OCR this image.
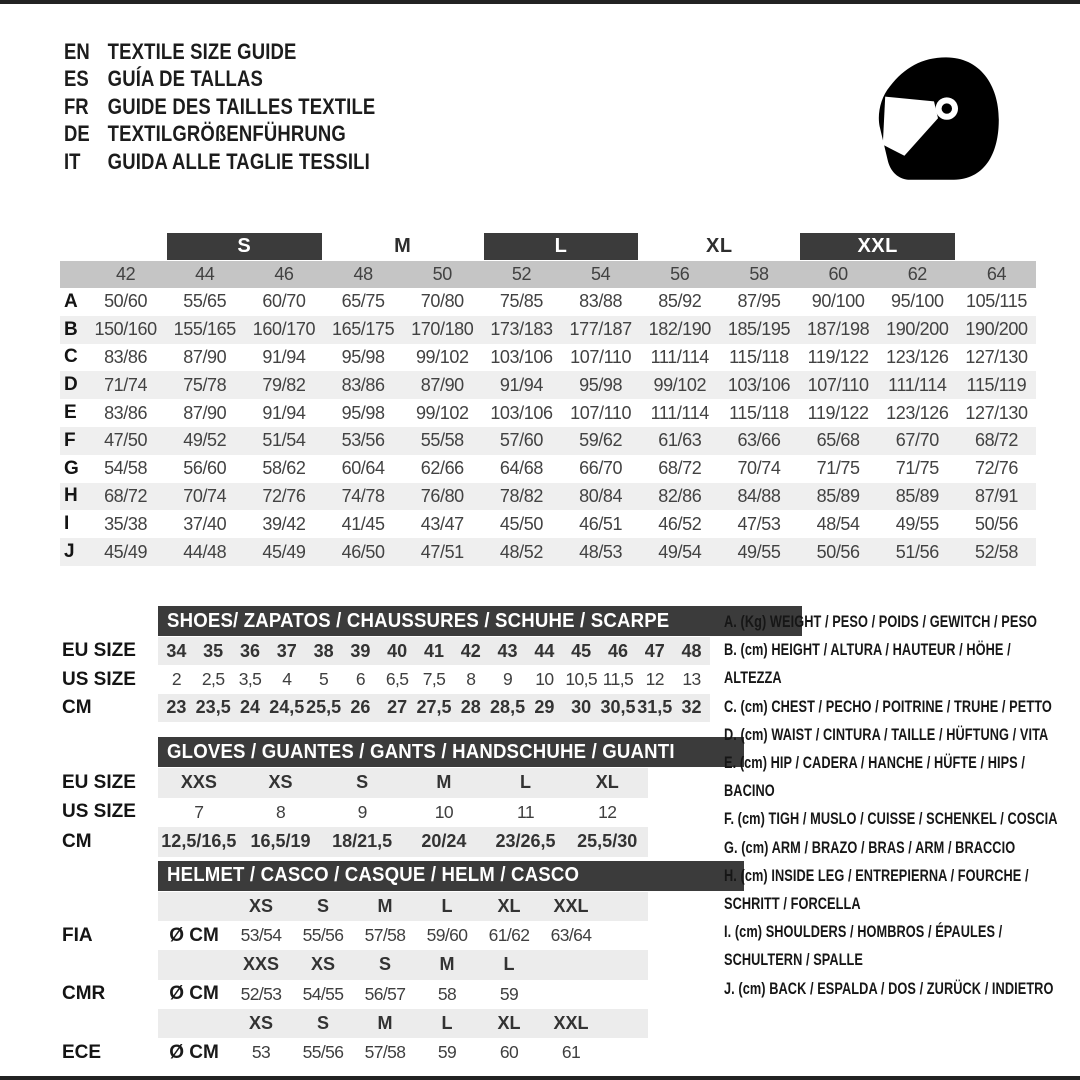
EN TEXTILE SIZE GUIDE
ES GUÍA DE TALLAS
FR GUIDE DES TAILLES TEXTILE
DE TEXTILGRÖßENFÜHRUNG
IT	GUIDA ALLE TAGLIE TESSILI
S	M	L	XL	XXL
42	44	46	48	50	52	54	56	58	60	62	64
A	50/60	55/65	60/70	65/75	70/80	75/85	83/88	85/92	87/95	90/100	95/100	105/115
B 150/160 155/165 160/170 165/175 170/180 173/183 177/187 182/190 185/195 187/198 190/200 190/200
C	83/86	87/90	91/94	95/98	99/102	103/106 107/110	111/114	115/118	119/122 123/126 127/130
D	71/74	75/78	79/82	83/86	87/90	91/94	95/98	99/102	103/106 107/110	111/114	115/119
E	83/86	87/90	91/94	95/98	99/102	103/106 107/110	111/114	115/118	119/122 123/126 127/130
F	47/50	49/52	51/54	53/56	55/58	57/60	59/62	61/63	63/66	65/68	67/70	68/72
G	54/58	56/60	58/62	60/64	62/66	64/68	66/70	68/72	70/74	71/75	71/75	72/76
H	68/72	70/74	72/76	74/78	76/80	78/82	80/84	82/86	84/88	85/89	85/89	87/91
I	35/38	37/40	39/42	41/45	43/47	45/50	46/51	46/52	47/53	48/54	49/55	50/56
J	45/49	44/48	45/49	46/50	47/51	48/52	48/53	49/54	49/55	50/56	51/56	52/58
SHOES/ ZAPATOS / CHAUSSURES / SCHUHE / SCARPE
EU SIZE	34 35 36 37 38 39 40 41 42 43 44 45 46 47 48
US SIZE	2	2,5 3,5	4	5	6	6,5 7,5	8	9	10 10,5 11,5 12	13
CM	23 23,5 24 24,5 25,5 26 27 27,5 28 28,5 29 30 30,5 31,5 32
GLOVES / GUANTES / GANTS / HANDSCHUHE / GUANTI
EU SIZE	XXS	XS	S	M	L	XL
US SIZE	7	8	9	10	11	12
CM	12,5/16,5 16,5/19	18/21,5	20/24	23/26,5	25,5/30
HELMET / CASCO / CASQUE / HELM / CASCO
XS	S	M	L	XL	XXL
FIA	Ø CM	53/54	55/56	57/58	59/60	61/62	63/64
XXS	XS	S	M	L
CMR	Ø CM	52/53	54/55	56/57	58	59
XS	S	M	L	XL	XXL
ECE	Ø CM	53	55/56	57/58	59	60	61
A. (Kg) WEIGHT / PESO / POIDS / GEWITCH / PESO
B. (cm) HEIGHT / ALTURA / HAUTEUR / HÖHE / ALTEZZA
C. (cm) CHEST / PECHO / POITRINE / TRUHE / PETTO
D. (cm) WAIST / CINTURA / TAILLE / HÜFTUNG / VITA
E. (cm) HIP / CADERA / HANCHE / HÜFTE / HIPS / BACINO
F. (cm) TIGH / MUSLO / CUISSE / SCHENKEL / COSCIA
G. (cm) ARM / BRAZO / BRAS / ARM / BRACCIO
H. (cm) INSIDE LEG / ENTREPIERNA / FOURCHE / SCHRITT / FORCELLA
I. (cm) SHOULDERS / HOMBROS / ÉPAULES / SCHULTERN / SPALLE
J. (cm) BACK / ESPALDA / DOS / ZURÜCK / INDIETRO
